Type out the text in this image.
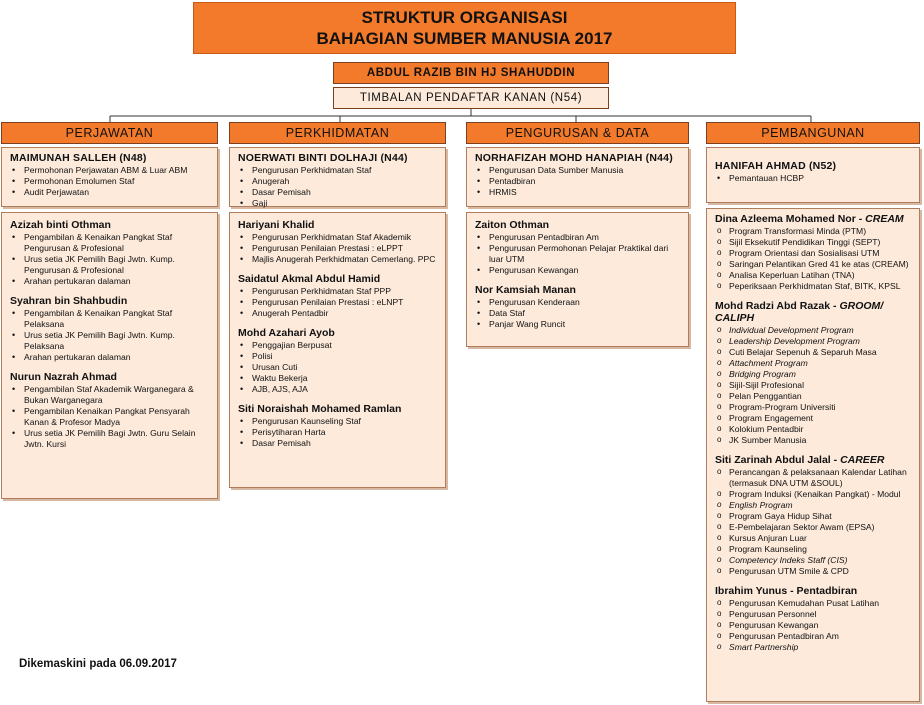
STRUKTUR ORGANISASI
BAHAGIAN SUMBER MANUSIA 2017
ABDUL RAZIB BIN HJ SHAHUDDIN
TIMBALAN PENDAFTAR KANAN (N54)
PERJAWATAN
MAIMUNAH SALLEH (N48)
• Permohonan Perjawatan ABM & Luar ABM
• Permohonan Emolumen Staf
• Audit Perjawatan
Azizah binti Othman
• Pengambilan & Kenaikan Pangkat Staf Pengurusan & Profesional
• Urus setia JK Pemilih Bagi Jwtn. Kump. Pengurusan & Profesional
• Arahan pertukaran dalaman
Syahran bin Shahbudin
• Pengambilan & Kenaikan Pangkat Staf Pelaksana
• Urus setia JK Pemilih Bagi Jwtn. Kump. Pelaksana
• Arahan pertukaran dalaman
Nurun Nazrah Ahmad
• Pengambilan Staf Akademik Warganegara & Bukan Warganegara
• Pengambilan Kenaikan Pangkat Pensyarah Kanan & Profesor Madya
• Urus setia JK Pemilih Bagi Jwtn. Guru Selain Jwtn. Kursi
PERKHIDMATAN
NOERWATI BINTI DOLHAJI (N44)
• Pengurusan Perkhidmatan Staf
• Anugerah
• Dasar Pemisah
• Gaji
Hariyani Khalid
• Pengurusan Perkhidmatan Staf Akademik
• Pengurusan Penilaian Prestasi : eLPPT
• Majlis Anugerah Perkhidmatan Cemerlang. PPC
Saidatul Akmal Abdul Hamid
• Pengurusan Perkhidmatan Staf PPP
• Pengurusan Penilaian Prestasi : eLNPT
• Anugerah Pentadbir
Mohd Azahari Ayob
• Penggajian Berpusat
• Polisi
• Urusan Cuti
• Waktu Bekerja
• AJB, AJS, AJA
Siti Noraishah Mohamed Ramlan
• Pengurusan Kaunseling Staf
• Perisytiharan Harta
• Dasar Pemisah
PENGURUSAN & DATA
NORHAFIZAH MOHD HANAPIAH (N44)
• Pengurusan Data Sumber Manusia
• Pentadbiran
• HRMIS
Zaiton Othman
• Pengurusan Pentadbiran Am
• Pengurusan Permohonan Pelajar Praktikal dari luar UTM
• Pengurusan Kewangan
Nor Kamsiah Manan
• Pengurusan Kenderaan
• Data Staf
• Panjar Wang Runcit
PEMBANGUNAN
HANIFAH AHMAD (N52)
• Pemantauan HCBP
Dina Azleema Mohamed Nor - CREAM
o Program Transformasi Minda (PTM)
o Sijil Eksekutif Pendidikan Tinggi (SEPT)
o Program Orientasi dan Sosialisasi UTM
o Saringan Pelantikan Gred 41 ke atas (CREAM)
o Analisa Keperluan Latihan (TNA)
o Peperiksaan Perkhidmatan Staf, BITK, KPSL
Mohd Radzi Abd Razak - GROOM/ CALIPH
o Individual Development Program
o Leadership Development Program
o Cuti Belajar Sepenuh & Separuh Masa
o Attachment Program
o Bridging Program
o Sijil-Sijil Profesional
o Pelan Penggantian
o Program-Program Universiti
o Program Engagement
o Kolokium Pentadbir
o JK Sumber Manusia
Siti Zarinah Abdul Jalal - CAREER
o Perancangan & pelaksanaan Kalendar Latihan (termasuk DNA UTM &SOUL)
o Program Induksi (Kenaikan Pangkat) - Modul
o English Program
o Program Gaya Hidup Sihat
o E-Pembelajaran Sektor Awam (EPSA)
o Kursus Anjuran Luar
o Program Kaunseling
o Competency Indeks Staff (CIS)
o Pengurusan UTM Smile & CPD
Ibrahim Yunus - Pentadbiran
o Pengurusan Kemudahan Pusat Latihan
o Pengurusan Personnel
o Pengurusan Kewangan
o Pengurusan Pentadbiran Am
o Smart Partnership
Dikemaskini pada 06.09.2017
